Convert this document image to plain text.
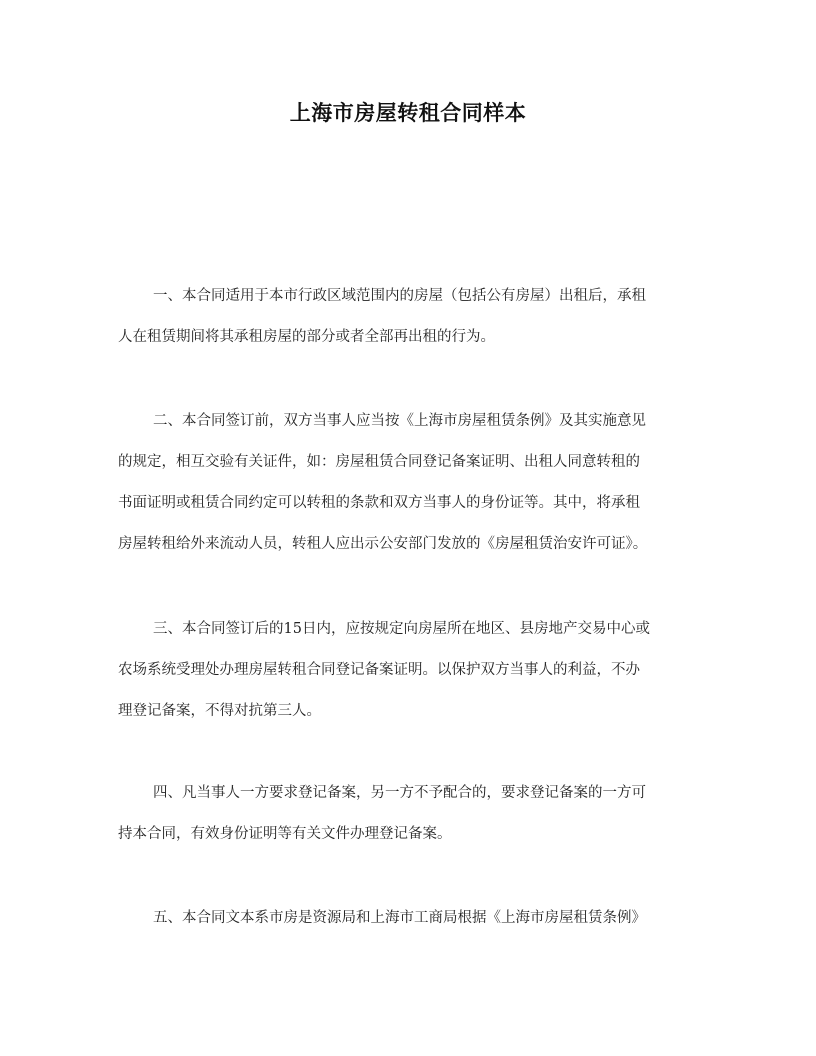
上海市房屋转租合同样本
一、本合同适用于本市行政区域范围内的房屋（包括公有房屋）出租后，承租
人在租赁期间将其承租房屋的部分或者全部再出租的行为。
二、本合同签订前，双方当事人应当按《上海市房屋租赁条例》及其实施意见
的规定，相互交验有关证件，如：房屋租赁合同登记备案证明、出租人同意转租的
书面证明或租赁合同约定可以转租的条款和双方当事人的身份证等。其中，将承租
房屋转租给外来流动人员，转租人应出示公安部门发放的《房屋租赁治安许可证》。
三、本合同签订后的15日内，应按规定向房屋所在地区、县房地产交易中心或
农场系统受理处办理房屋转租合同登记备案证明。以保护双方当事人的利益，不办
理登记备案，不得对抗第三人。
四、凡当事人一方要求登记备案，另一方不予配合的，要求登记备案的一方可
持本合同，有效身份证明等有关文件办理登记备案。
五、本合同文本系市房是资源局和上海市工商局根据《上海市房屋租赁条例》
